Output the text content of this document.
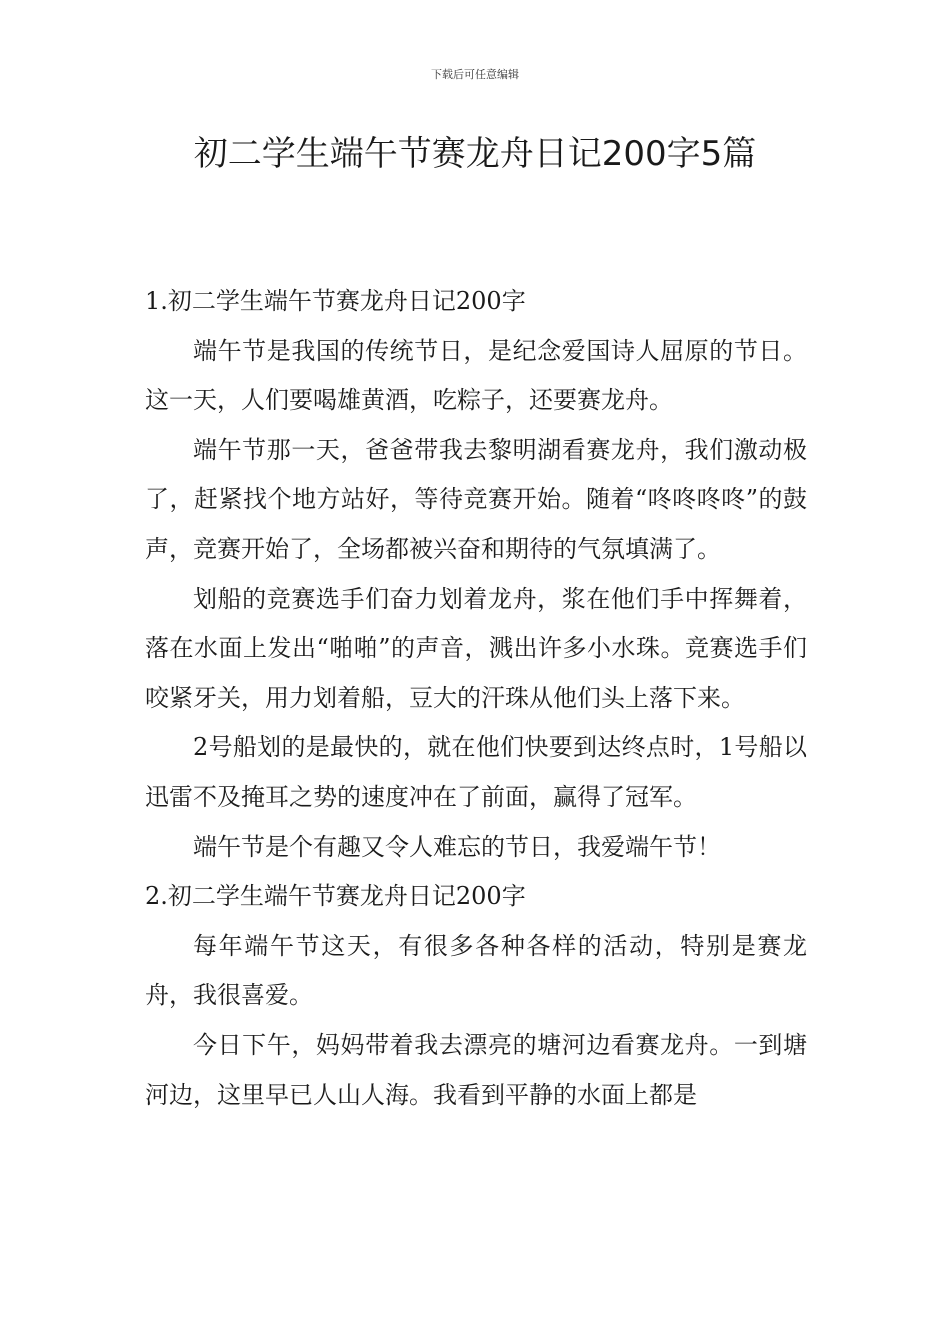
下载后可任意编辑
初二学生端午节赛龙舟日记200字5篇

1.初二学生端午节赛龙舟日记200字

端午节是我国的传统节日，是纪念爱国诗人屈原的节日。这一天，人们要喝雄黄酒，吃粽子，还要赛龙舟。

端午节那一天，爸爸带我去黎明湖看赛龙舟，我们激动极了，赶紧找个地方站好，等待竞赛开始。随着“咚咚咚咚”的鼓声，竞赛开始了，全场都被兴奋和期待的气氛填满了。

划船的竞赛选手们奋力划着龙舟，浆在他们手中挥舞着，落在水面上发出“啪啪”的声音，溅出许多小水珠。竞赛选手们咬紧牙关，用力划着船，豆大的汗珠从他们头上落下来。

2号船划的是最快的，就在他们快要到达终点时，1号船以迅雷不及掩耳之势的速度冲在了前面，赢得了冠军。

端午节是个有趣又令人难忘的节日，我爱端午节！

2.初二学生端午节赛龙舟日记200字

每年端午节这天，有很多各种各样的活动，特别是赛龙舟，我很喜爱。

今日下午，妈妈带着我去漂亮的塘河边看赛龙舟。一到塘河边，这里早已人山人海。我看到平静的水面上都是
